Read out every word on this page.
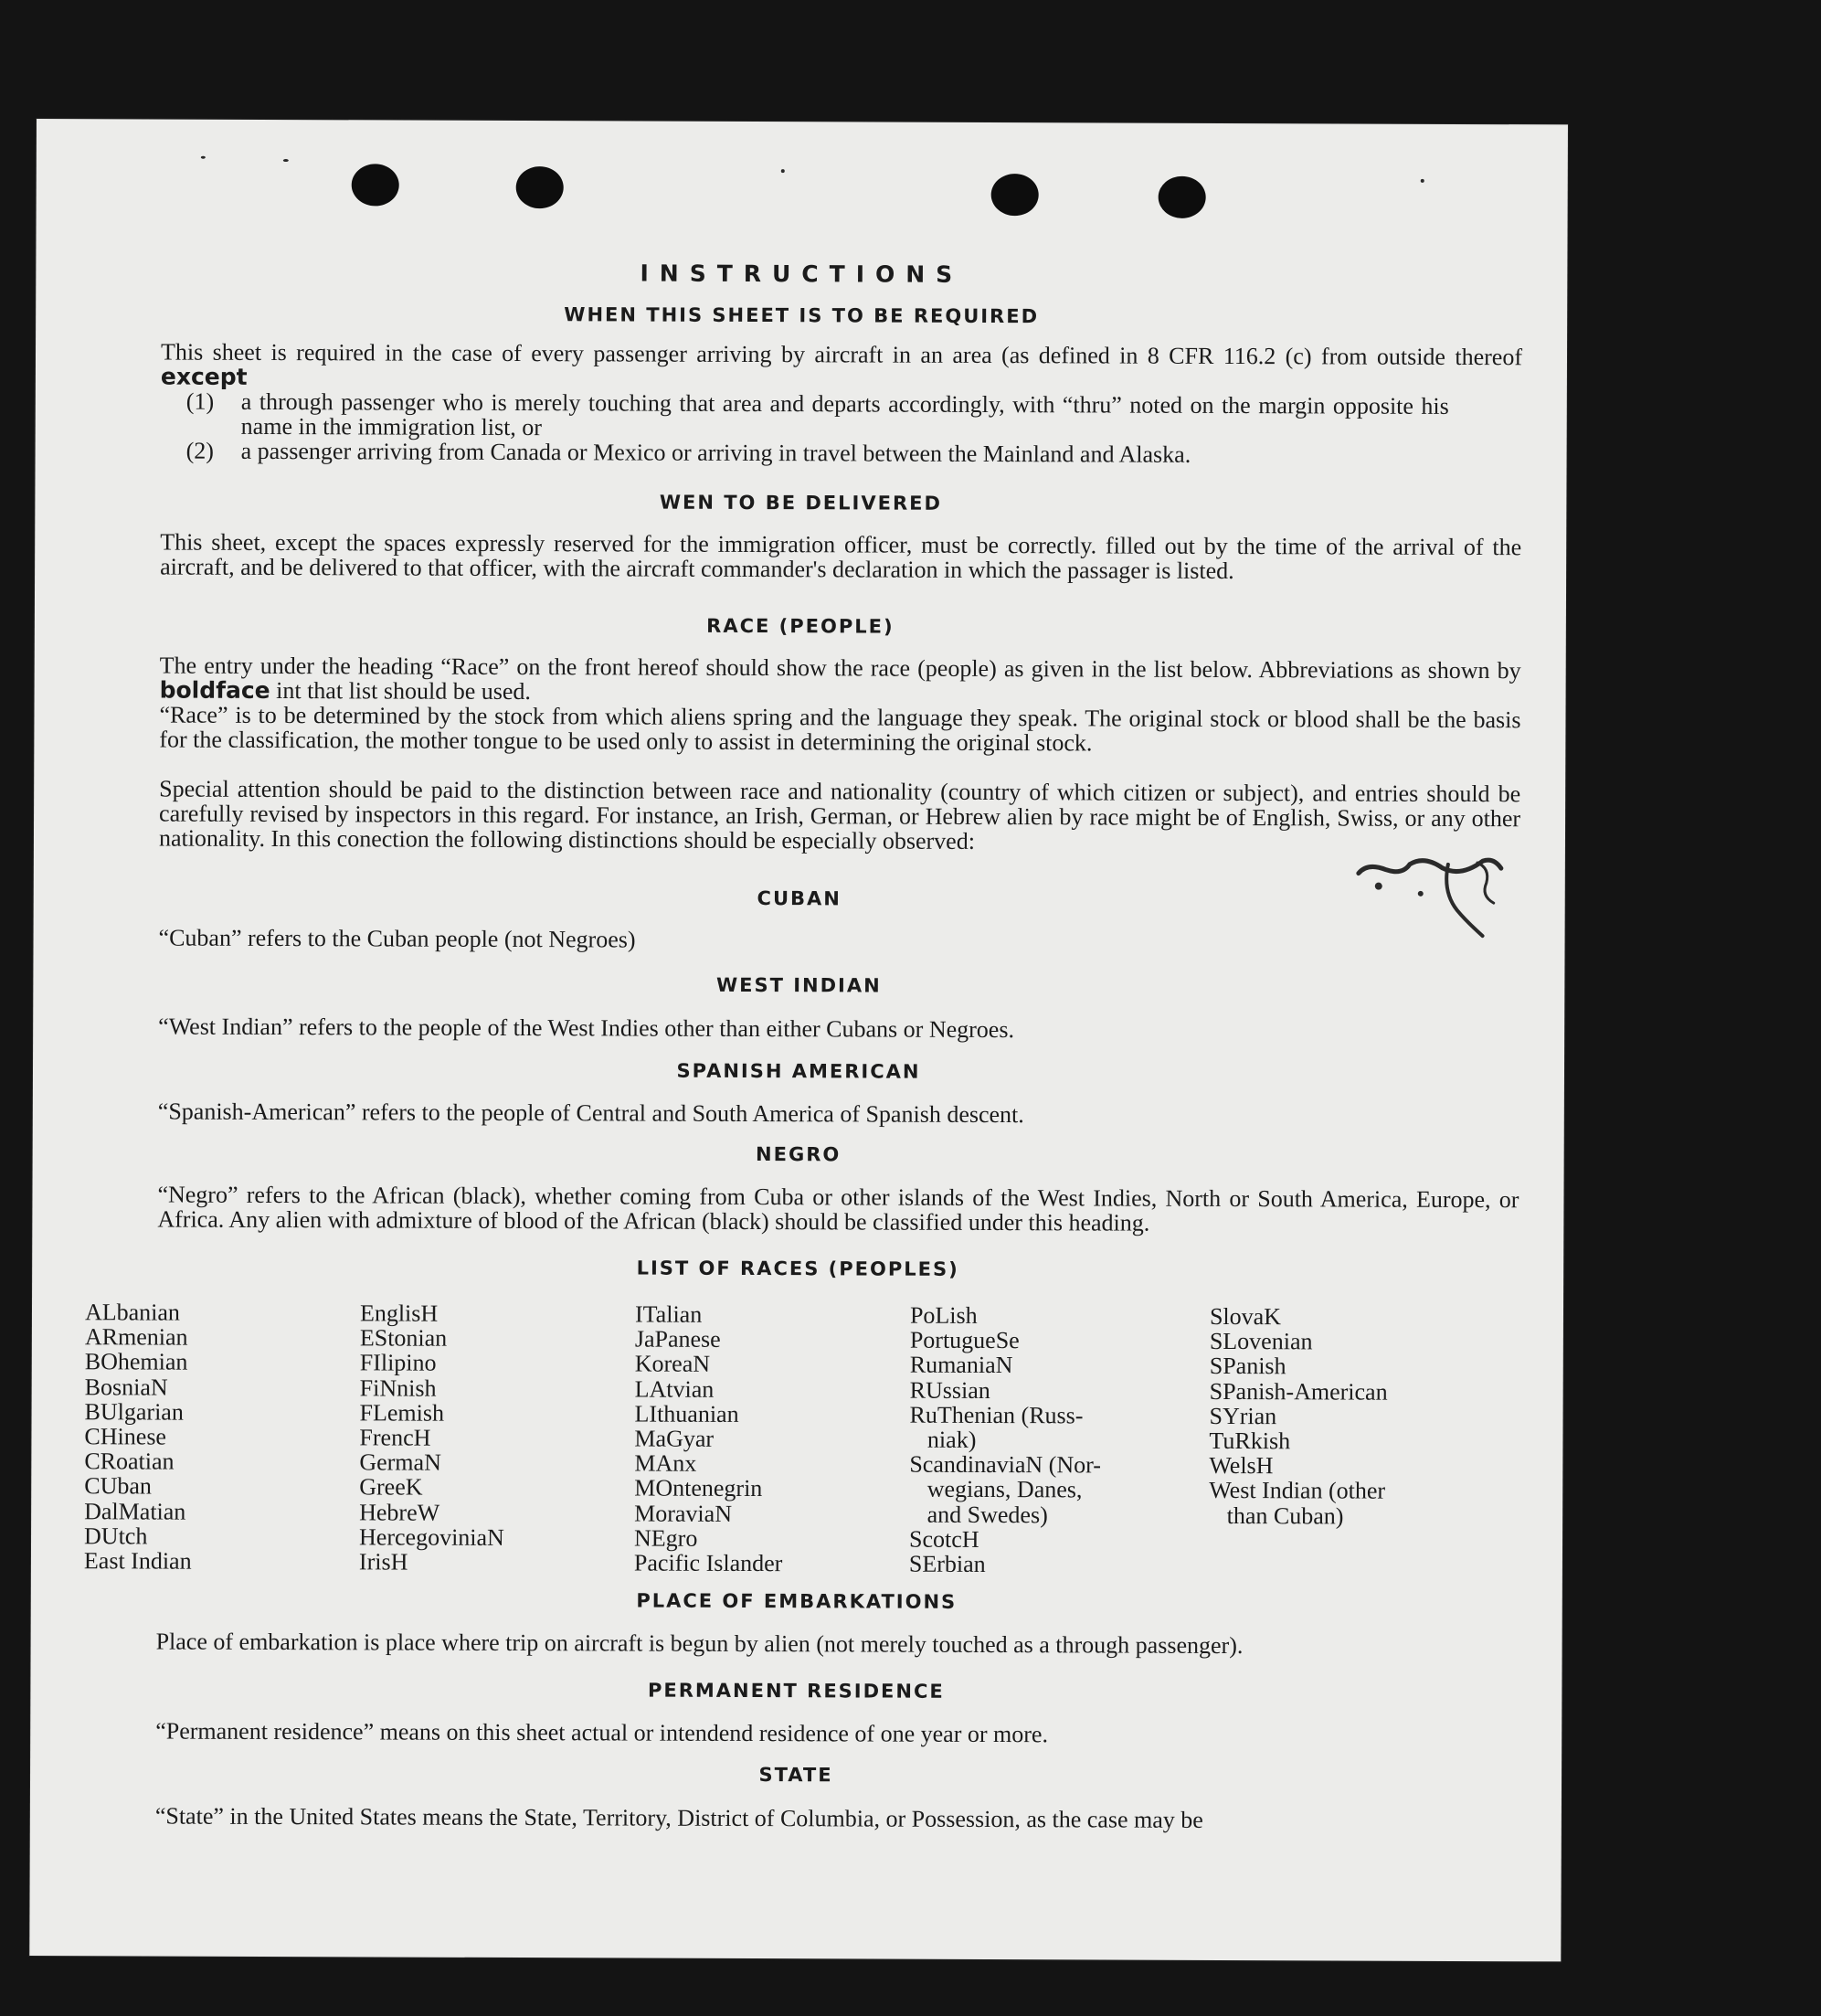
INSTRUCTIONS
WHEN THIS SHEET IS TO BE REQUIRED

This sheet is required in the case of every passenger arriving by aircraft in an area (as defined in 8 CFR 116.2 (c) from outside thereof except

(1)	a through passenger who is merely touching that area and departs accordingly, with “thru” noted on the margin opposite his name in the immigration list, or
(2)	a passenger arriving from Canada or Mexico or arriving in travel between the Mainland and Alaska.
WEN TO BE DELIVERED

This sheet, except the spaces expressly reserved for the immigration officer, must be correctly. filled out by the time of the arrival of the aircraft, and be delivered to that officer, with the aircraft commander's declaration in which the passager is listed.

RACE (PEOPLE)

The entry under the heading “Race” on the front hereof should show the race (people) as given in the list below. Abbreviations as shown by boldface int that list should be used.

“Race” is to be determined by the stock from which aliens spring and the language they speak. The original stock or blood shall be the basis for the classification, the mother tongue to be used only to assist in determining the original stock.

Special attention should be paid to the distinction between race and nationality (country of which citizen or subject), and entries should be carefully revised by inspectors in this regard. For instance, an Irish, German, or Hebrew alien by race might be of English, Swiss, or any other nationality. In this conection the following distinctions should be especially observed:

CUBAN

“Cuban” refers to the Cuban people (not Negroes)

WEST INDIAN

“West Indian” refers to the people of the West Indies other than either Cubans or Negroes.

SPANISH AMERICAN

“Spanish-American” refers to the people of Central and South America of Spanish descent.

NEGRO

“Negro” refers to the African (black), whether coming from Cuba or other islands of the West Indies, North or South America, Europe, or Africa. Any alien with admixture of blood of the African (black) should be classified under this heading.

LIST OF RACES (PEOPLES)
ALbanian
ARmenian
BOhemian
BosniaN
BUlgarian
CHinese
CRoatian
CUban
DalMatian
DUtch
East Indian
EnglisH
EStonian
FIlipino
FiNnish
FLemish
FrencH
GermaN
GreeK
HebreW
HercegoviniaN
IrisH
ITalian
JaPanese
KoreaN
LAtvian
LIthuanian
MaGyar
MAnx
MOntenegrin
MoraviaN
NEgro
Pacific Islander
PoLish
PortugueSe
RumaniaN
RUssian
RuThenian (Russ-
niak)
ScandinaviaN (Nor-
wegians, Danes,
and Swedes)
ScotcH
SErbian
SlovaK
SLovenian
SPanish
SPanish-American
SYrian
TuRkish
WelsH
West Indian (other
than Cuban)
PLACE OF EMBARKATIONS

Place of embarkation is place where trip on aircraft is begun by alien (not merely touched as a through passenger).

PERMANENT RESIDENCE

“Permanent residence” means on this sheet actual or intendend residence of one year or more.

STATE

“State” in the United States means the State, Territory, District of Columbia, or Possession, as the case may be
